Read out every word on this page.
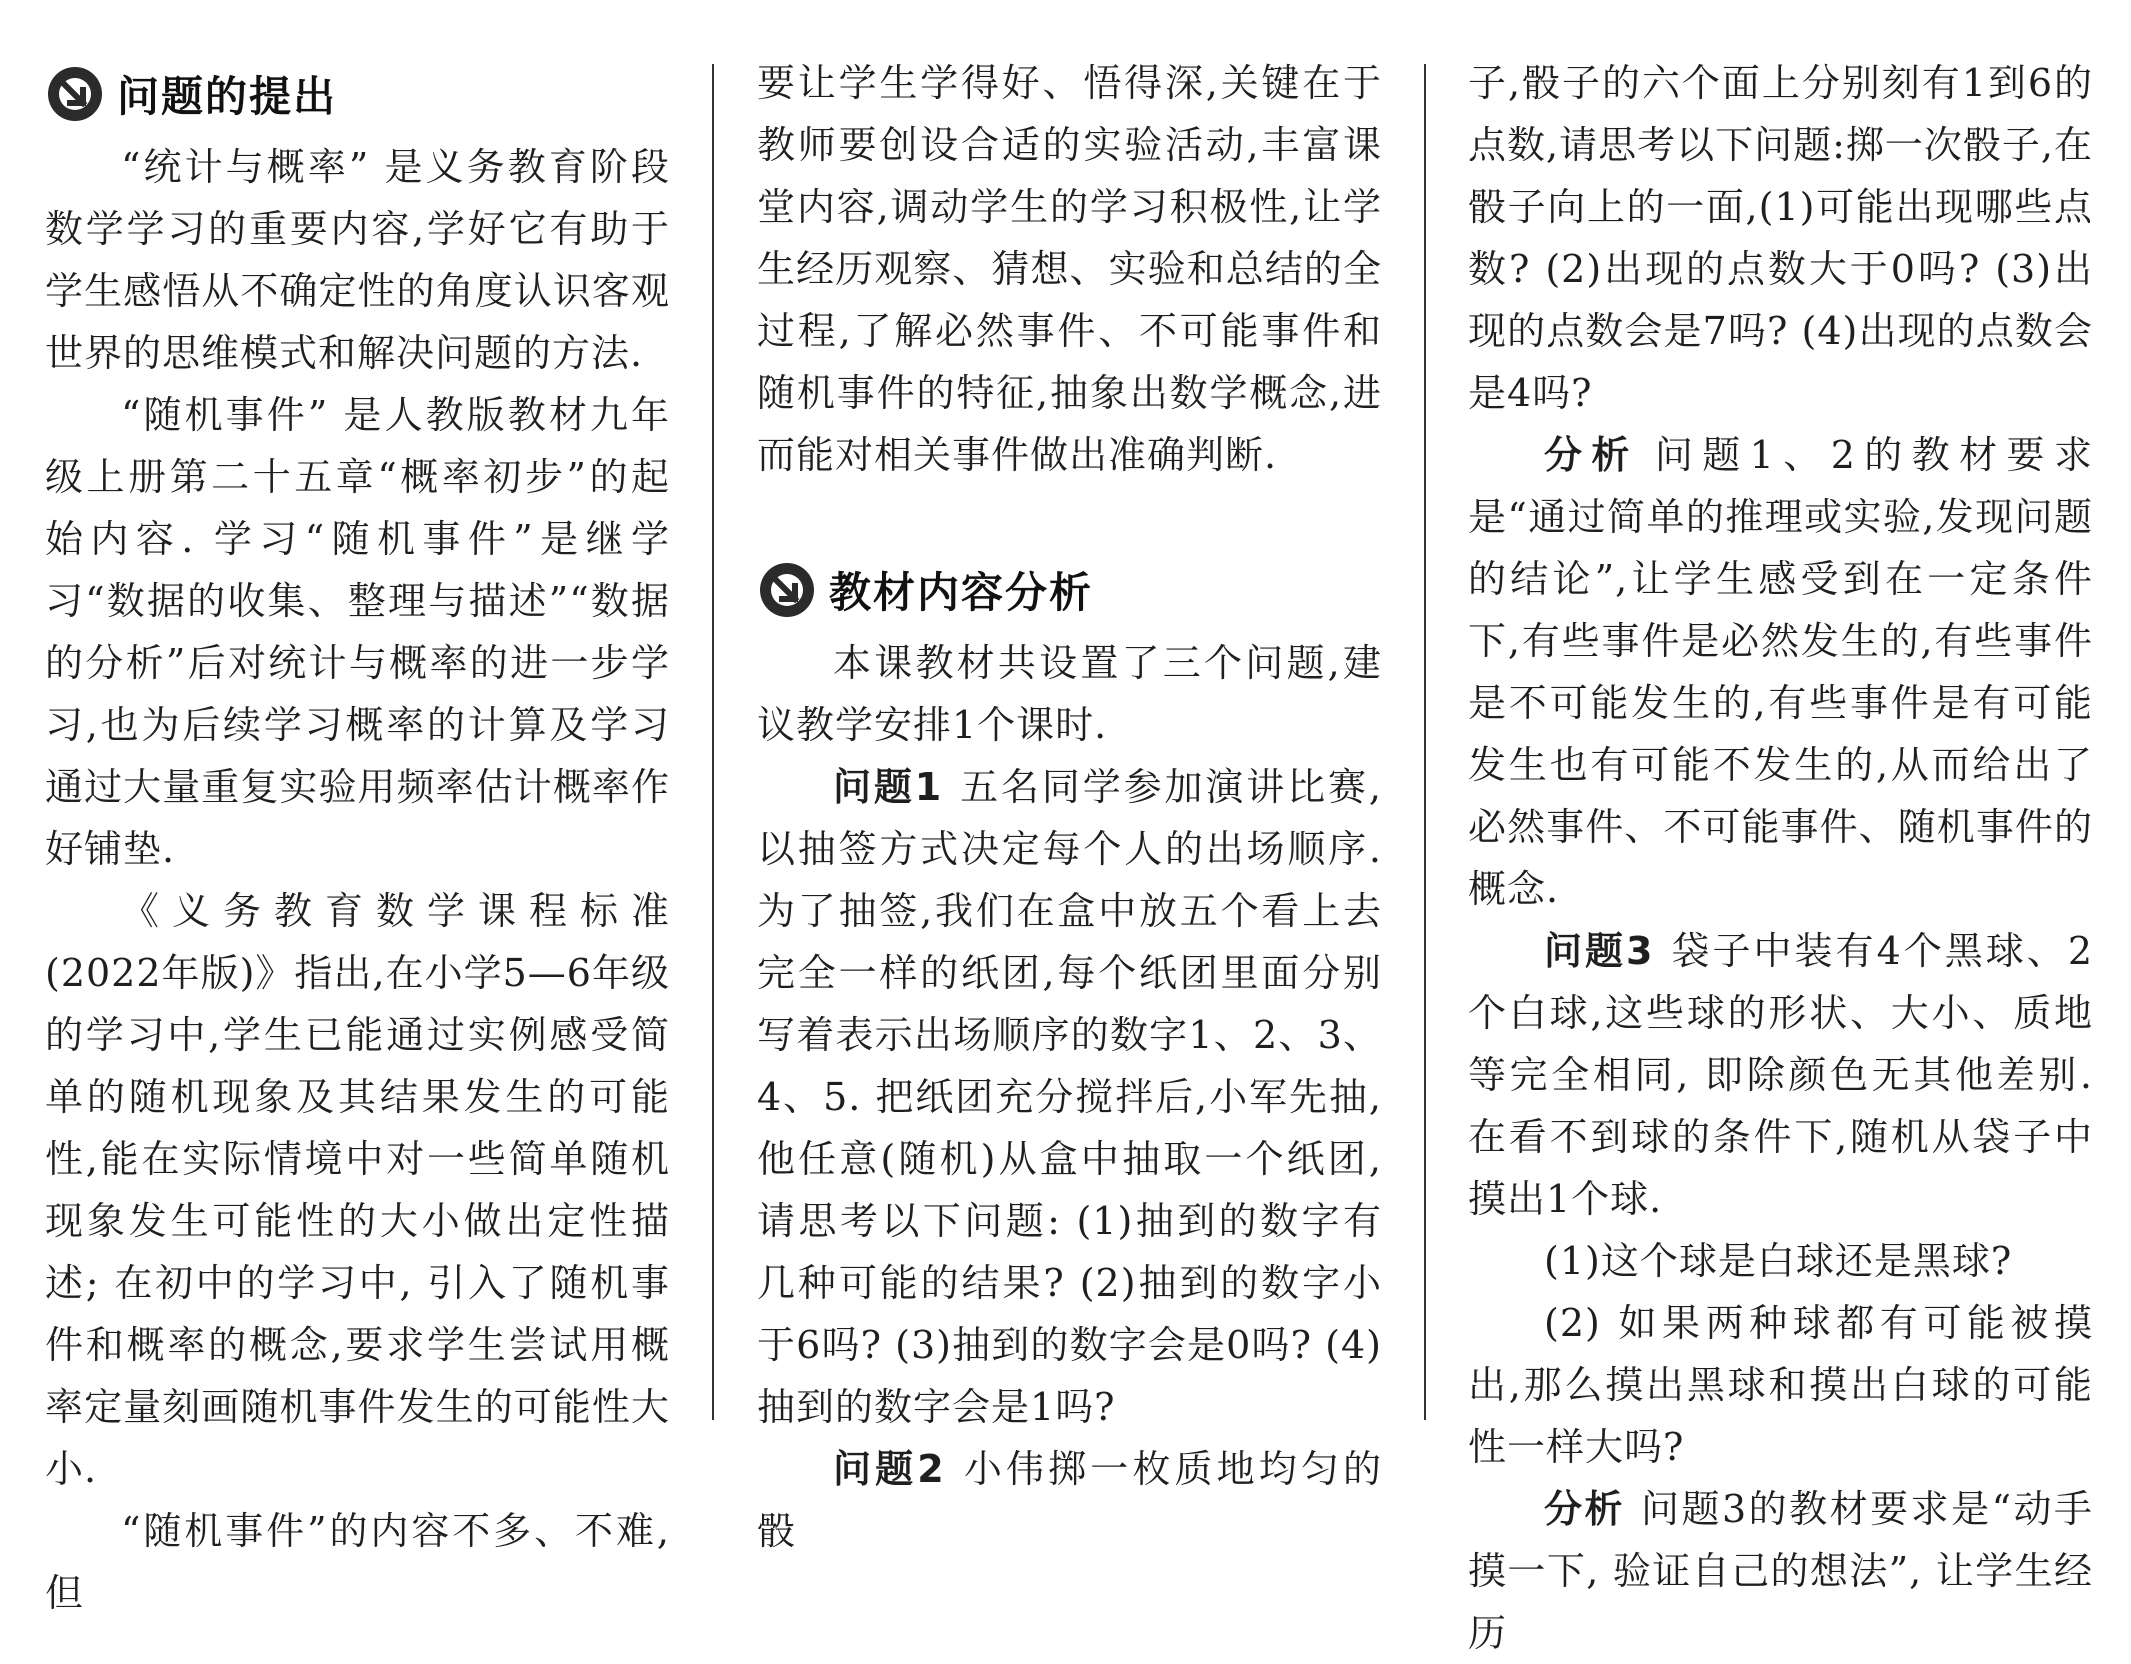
问题的提出

“统计与概率” 是义务教育阶段数学学习的重要内容,学好它有助于学生感悟从不确定性的角度认识客观世界的思维模式和解决问题的方法.

“随机事件” 是人教版教材九年级上册第二十五章“概率初步”的起始内容. 学习“随机事件”是继学习“数据的收集、整理与描述”“数据的分析”后对统计与概率的进一步学习,也为后续学习概率的计算及学习通过大量重复实验用频率估计概率作好铺垫.

《义务教育数学课程标准 (2022年版)》指出,在小学5—6年级的学习中,学生已能通过实例感受简单的随机现象及其结果发生的可能性,能在实际情境中对一些简单随机现象发生可能性的大小做出定性描述; 在初中的学习中, 引入了随机事件和概率的概念,要求学生尝试用概率定量刻画随机事件发生的可能性大小.

“随机事件”的内容不多、不难,但

要让学生学得好、悟得深,关键在于教师要创设合适的实验活动,丰富课堂内容,调动学生的学习积极性,让学生经历观察、猜想、实验和总结的全过程,了解必然事件、不可能事件和随机事件的特征,抽象出数学概念,进而能对相关事件做出准确判断.

教材内容分析

本课教材共设置了三个问题,建议教学安排1个课时.

问题1 五名同学参加演讲比赛,以抽签方式决定每个人的出场顺序. 为了抽签,我们在盒中放五个看上去完全一样的纸团,每个纸团里面分别写着表示出场顺序的数字1、2、3、4、5. 把纸团充分搅拌后,小军先抽,他任意(随机)从盒中抽取一个纸团, 请思考以下问题: (1)抽到的数字有几种可能的结果? (2)抽到的数字小于6吗? (3)抽到的数字会是0吗? (4)抽到的数字会是1吗?

问题2 小伟掷一枚质地均匀的骰

子,骰子的六个面上分别刻有1到6的点数,请思考以下问题:掷一次骰子,在骰子向上的一面,(1)可能出现哪些点数? (2)出现的点数大于0吗? (3)出现的点数会是7吗? (4)出现的点数会是4吗?

分析 问题1、2的教材要求是“通过简单的推理或实验,发现问题的结论”,让学生感受到在一定条件下,有些事件是必然发生的,有些事件是不可能发生的,有些事件是有可能发生也有可能不发生的,从而给出了必然事件、不可能事件、随机事件的概念.

问题3 袋子中装有4个黑球、2个白球,这些球的形状、大小、质地等完全相同, 即除颜色无其他差别. 在看不到球的条件下,随机从袋子中摸出1个球.

(1)这个球是白球还是黑球?

(2) 如果两种球都有可能被摸出,那么摸出黑球和摸出白球的可能性一样大吗?

分析 问题3的教材要求是“动手摸一下, 验证自己的想法”, 让学生经历
